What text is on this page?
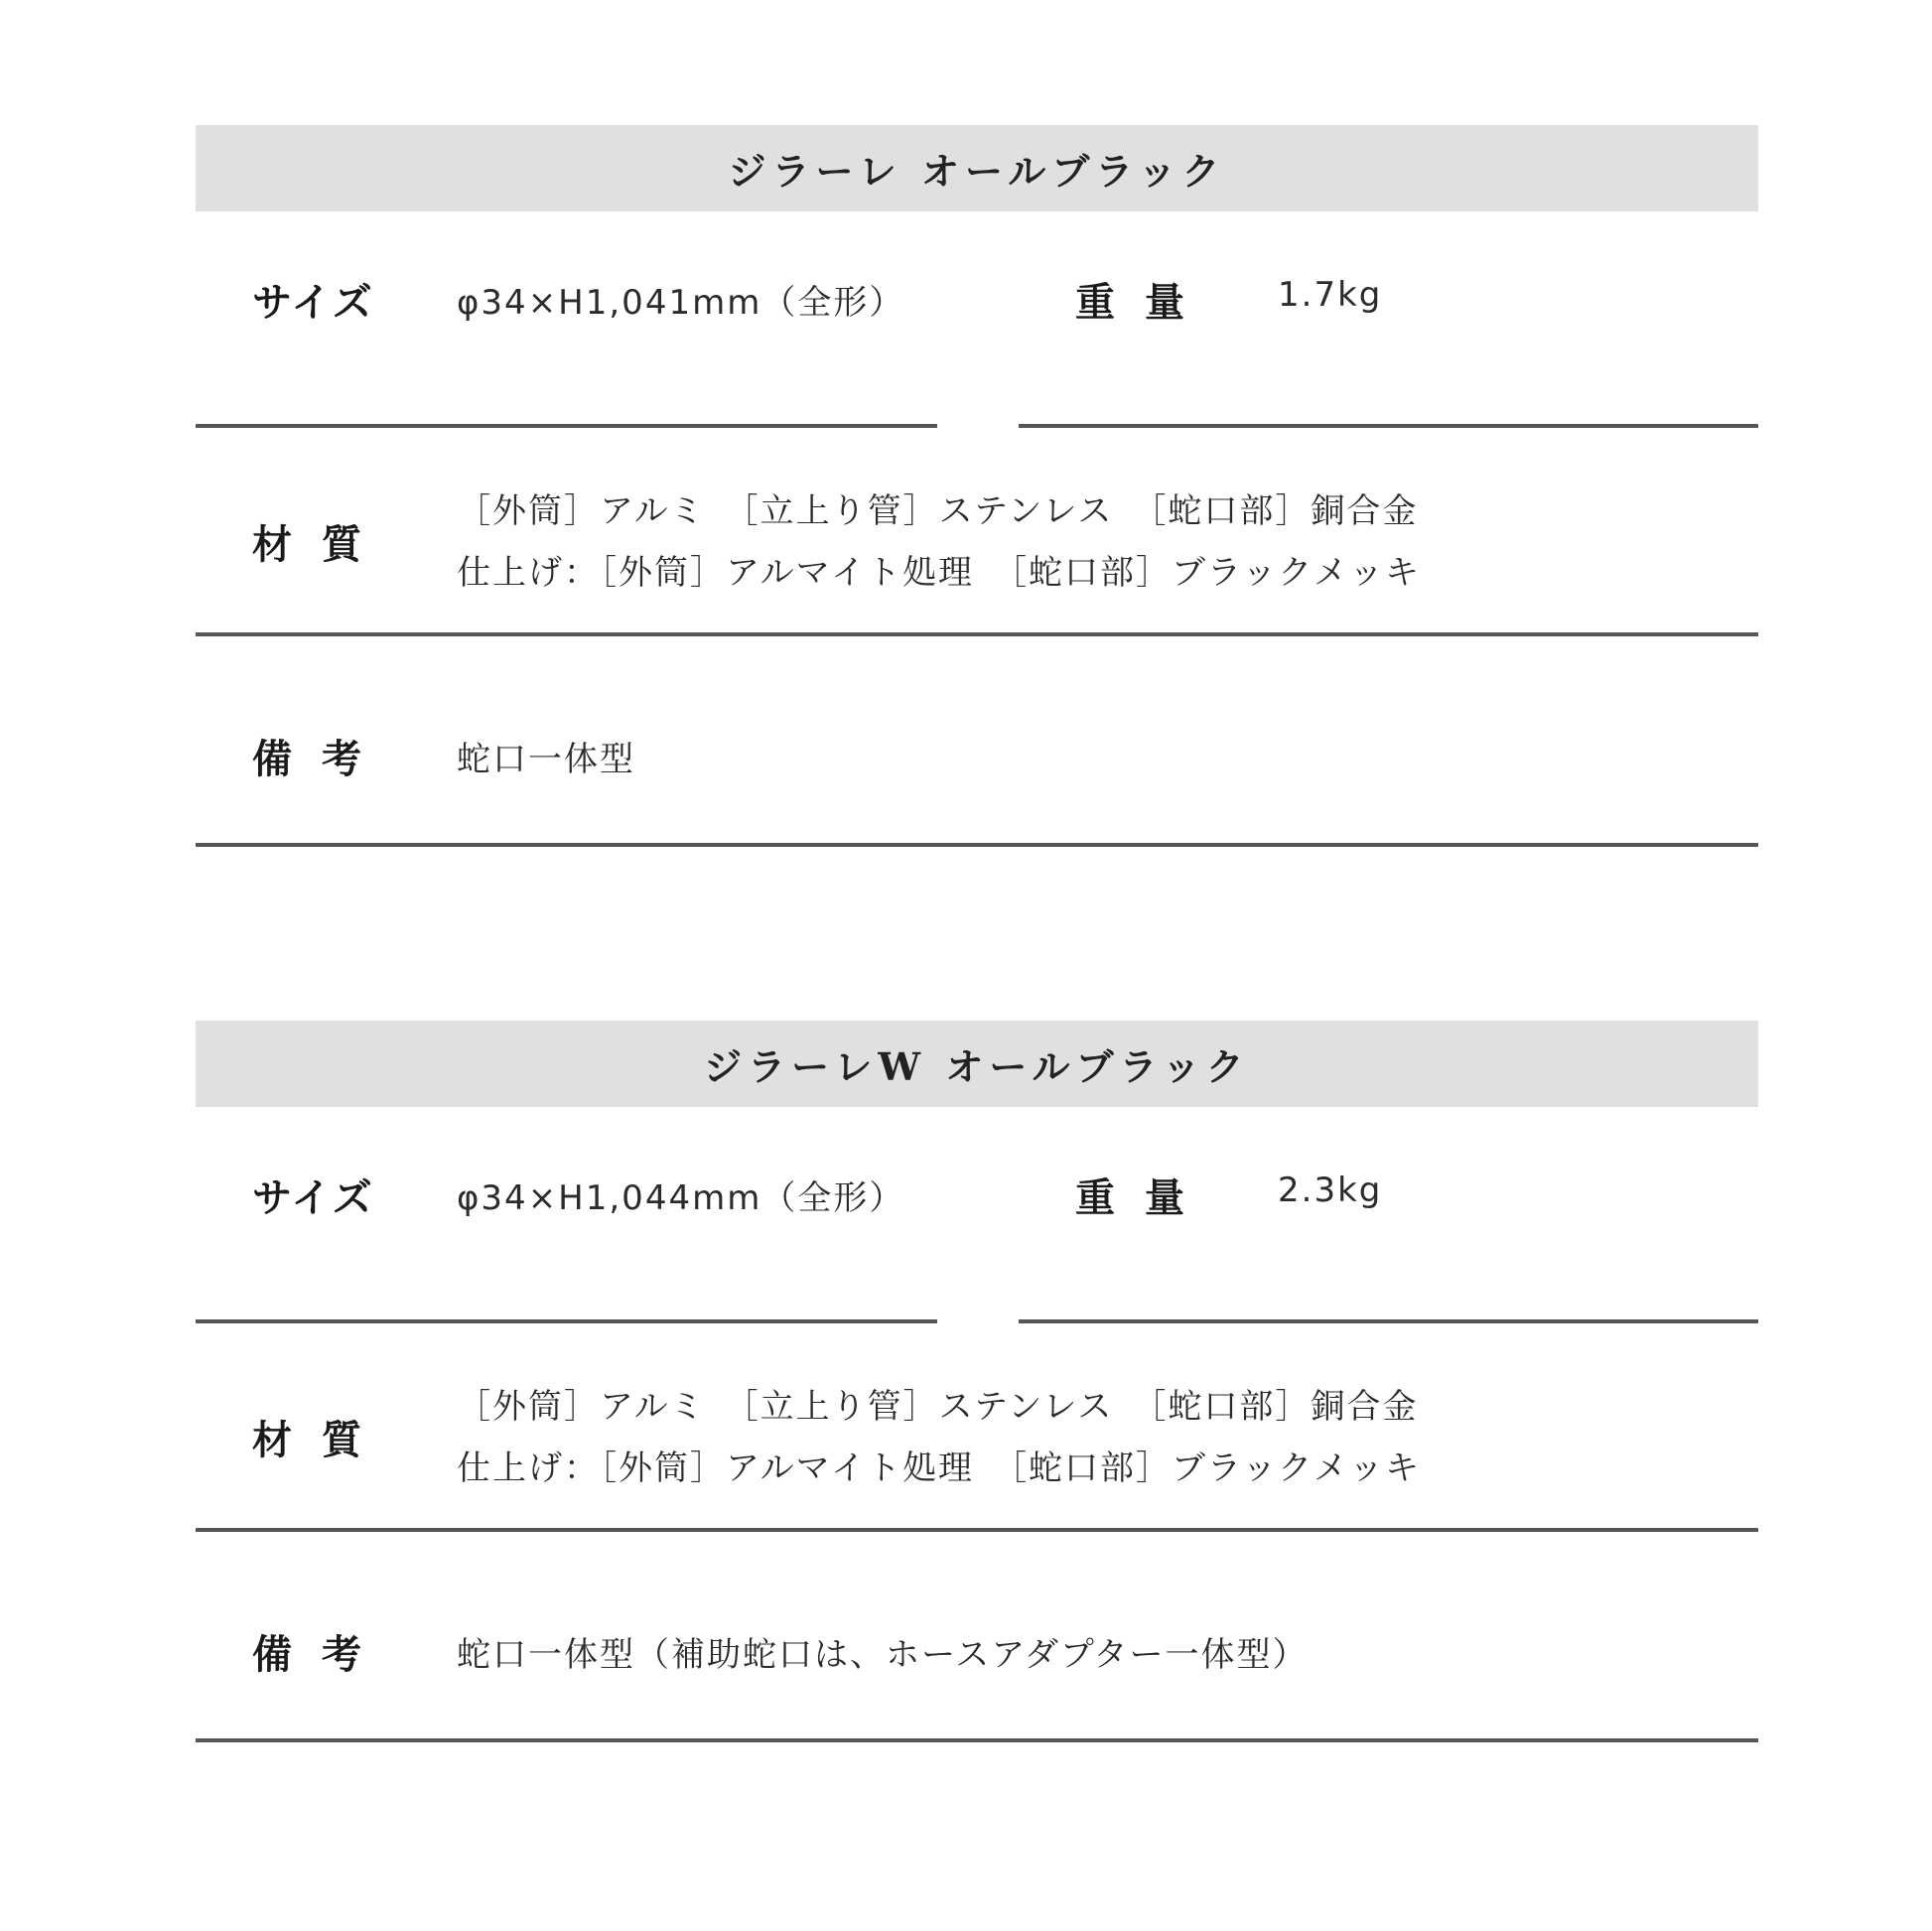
ジラーレ オールブラック
サイズ φ34×H1,041mm（全形）	重量 1.7kg
材質
［外筒］アルミ　［立上り管］ステンレス　［蛇口部］銅合金
仕上げ：［外筒］アルマイト処理　［蛇口部］ブラックメッキ
備考 蛇口一体型
ジラーレW オールブラック
サイズ φ34×H1,044mm（全形）	重量 2.3kg
材質
［外筒］アルミ　［立上り管］ステンレス　［蛇口部］銅合金
仕上げ：［外筒］アルマイト処理　［蛇口部］ブラックメッキ
備考 蛇口一体型（補助蛇口は、ホースアダプター一体型）
